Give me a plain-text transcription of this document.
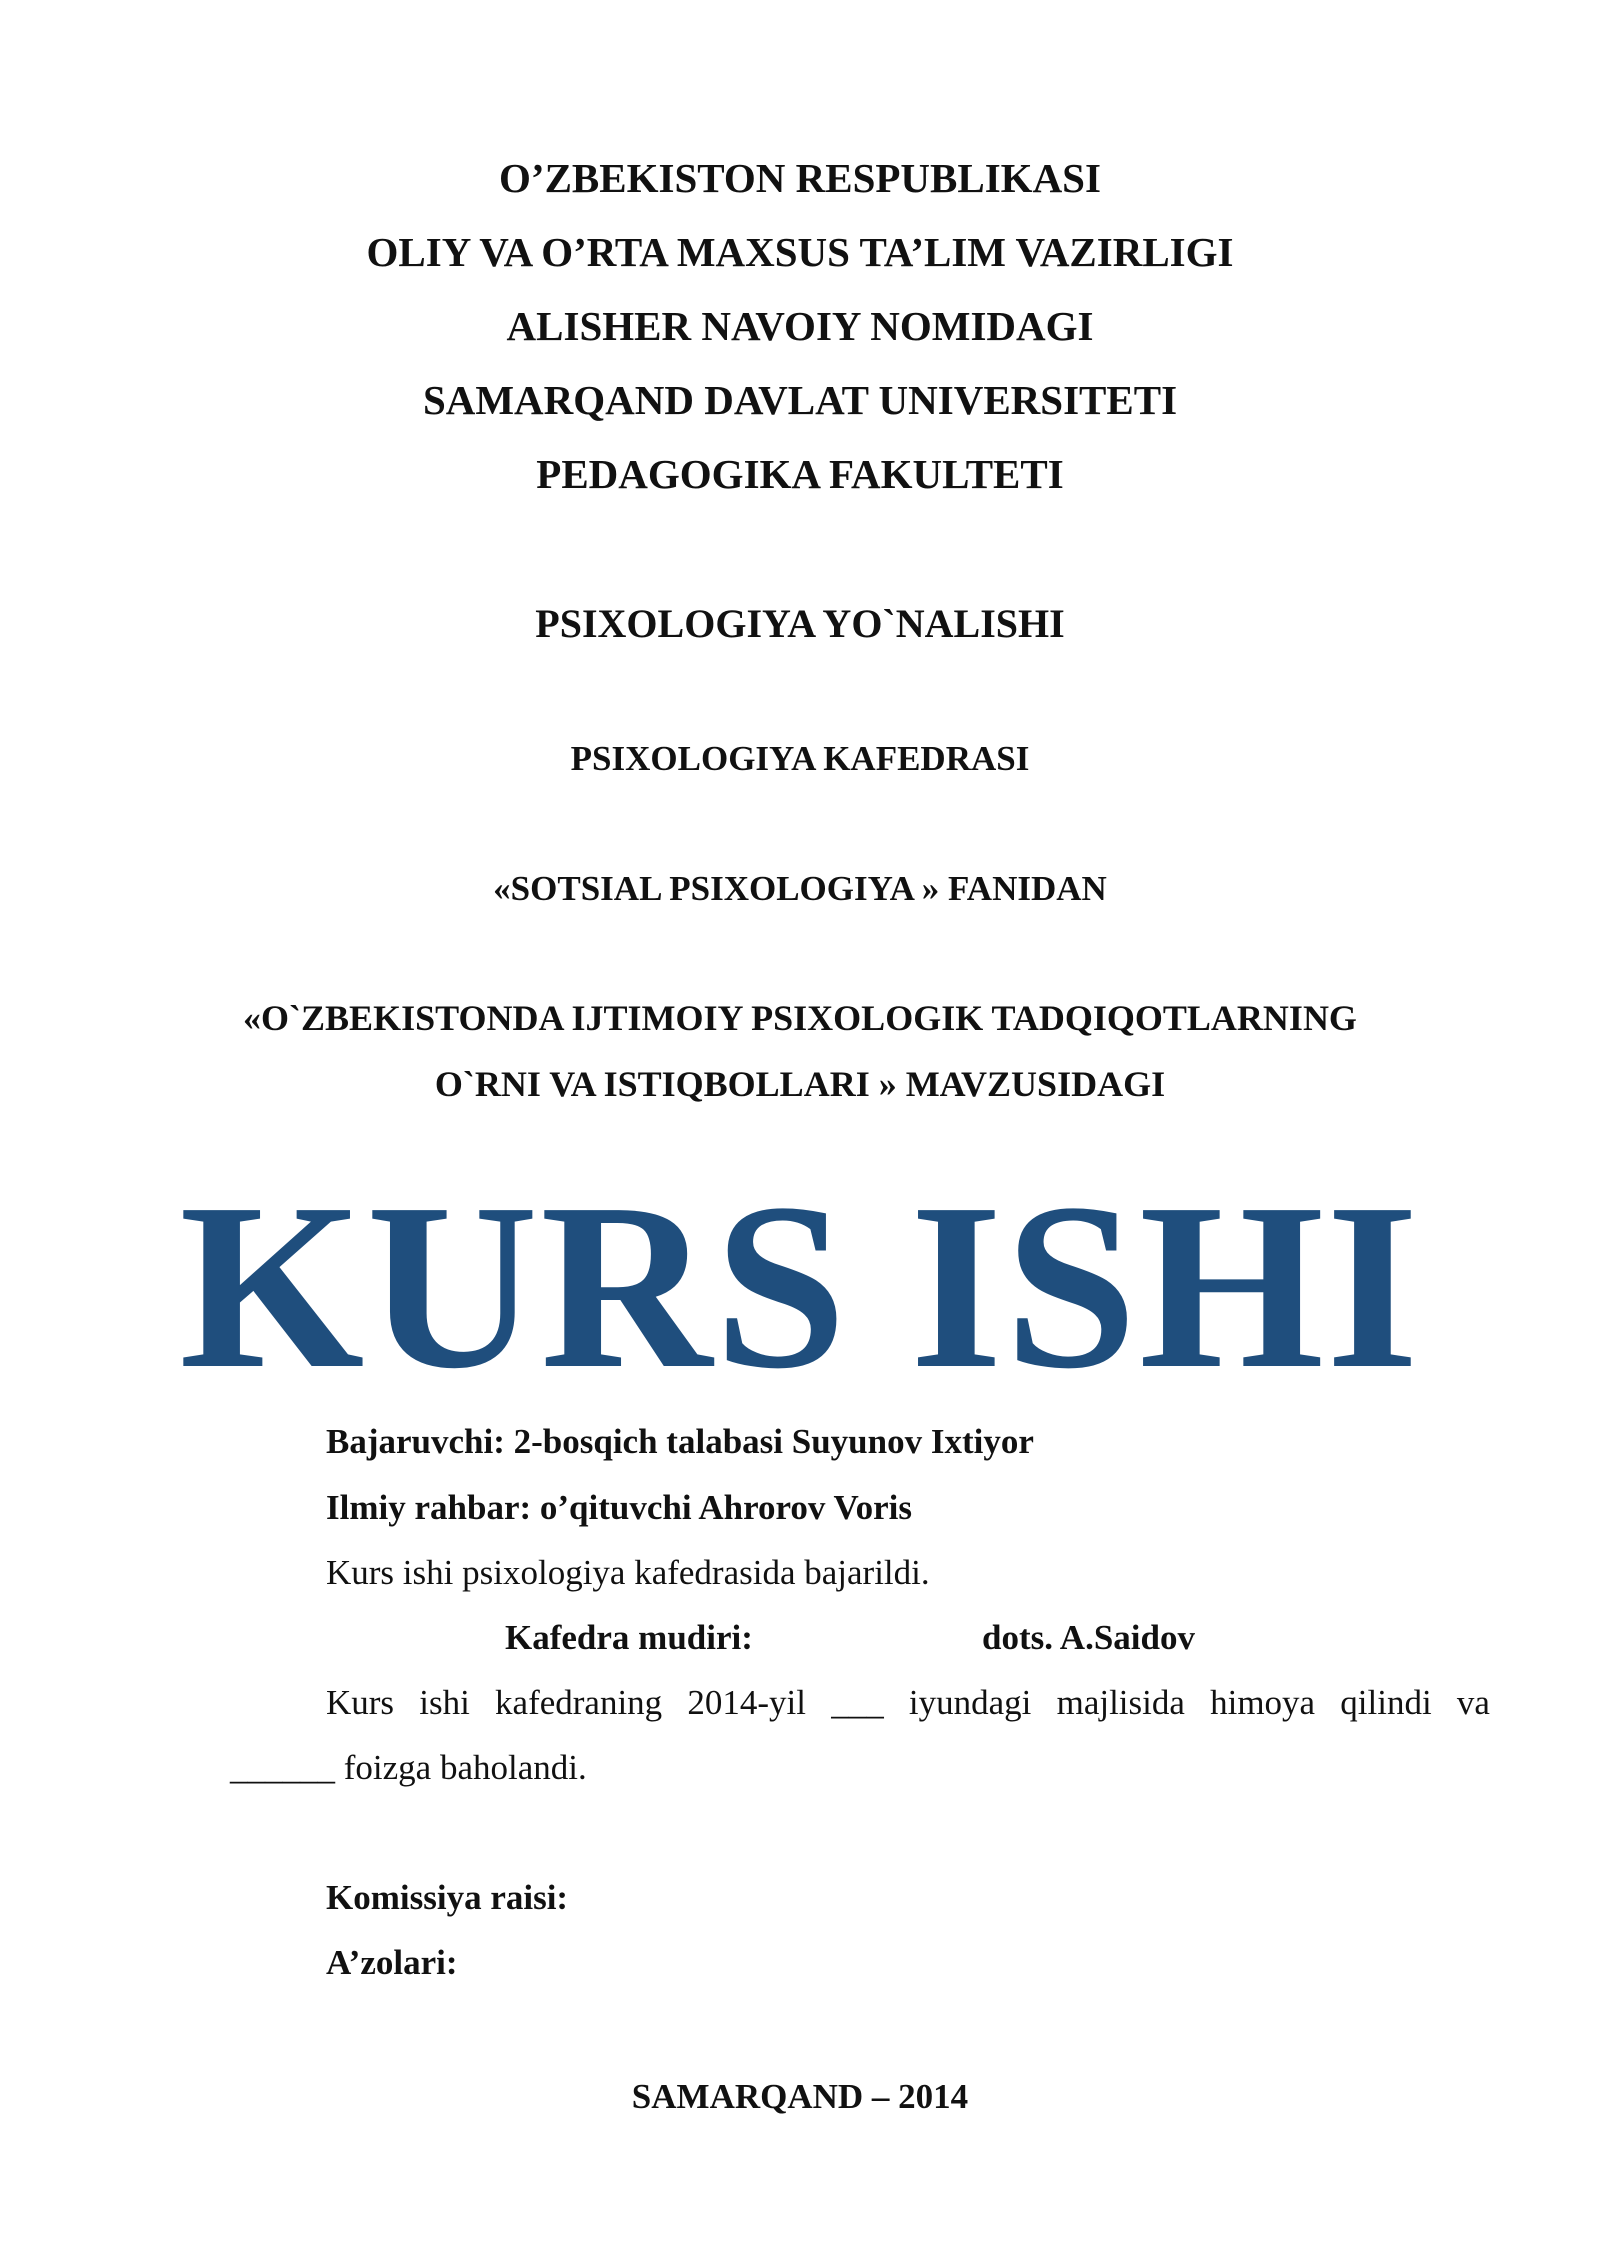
O’ZBEKISTON RESPUBLIKASI
OLIY VA O’RTA MAXSUS TA’LIM VAZIRLIGI
ALISHER NAVOIY NOMIDAGI
SAMARQAND DAVLAT UNIVERSITETI
PEDAGOGIKA FAKULTETI
PSIXOLOGIYA YO`NALISHI
PSIXOLOGIYA KAFEDRASI
«SOTSIAL PSIXOLOGIYA » FANIDAN
«O`ZBEKISTONDA IJTIMOIY PSIXOLOGIK TADQIQOTLARNING
O`RNI VA ISTIQBOLLARI » MAVZUSIDAGI
KURS ISHI
Bajaruvchi: 2-bosqich talabasi Suyunov Ixtiyor
Ilmiy rahbar: o’qituvchi Ahrorov Voris
Kurs ishi psixologiya kafedrasida bajarildi.
Kafedra mudiri:	dots. A.Saidov
Kurs ishi kafedraning 2014-yil ___ iyundagi majlisida himoya qilindi va
______ foizga baholandi.
Komissiya raisi:
A’zolari:
SAMARQAND – 2014
